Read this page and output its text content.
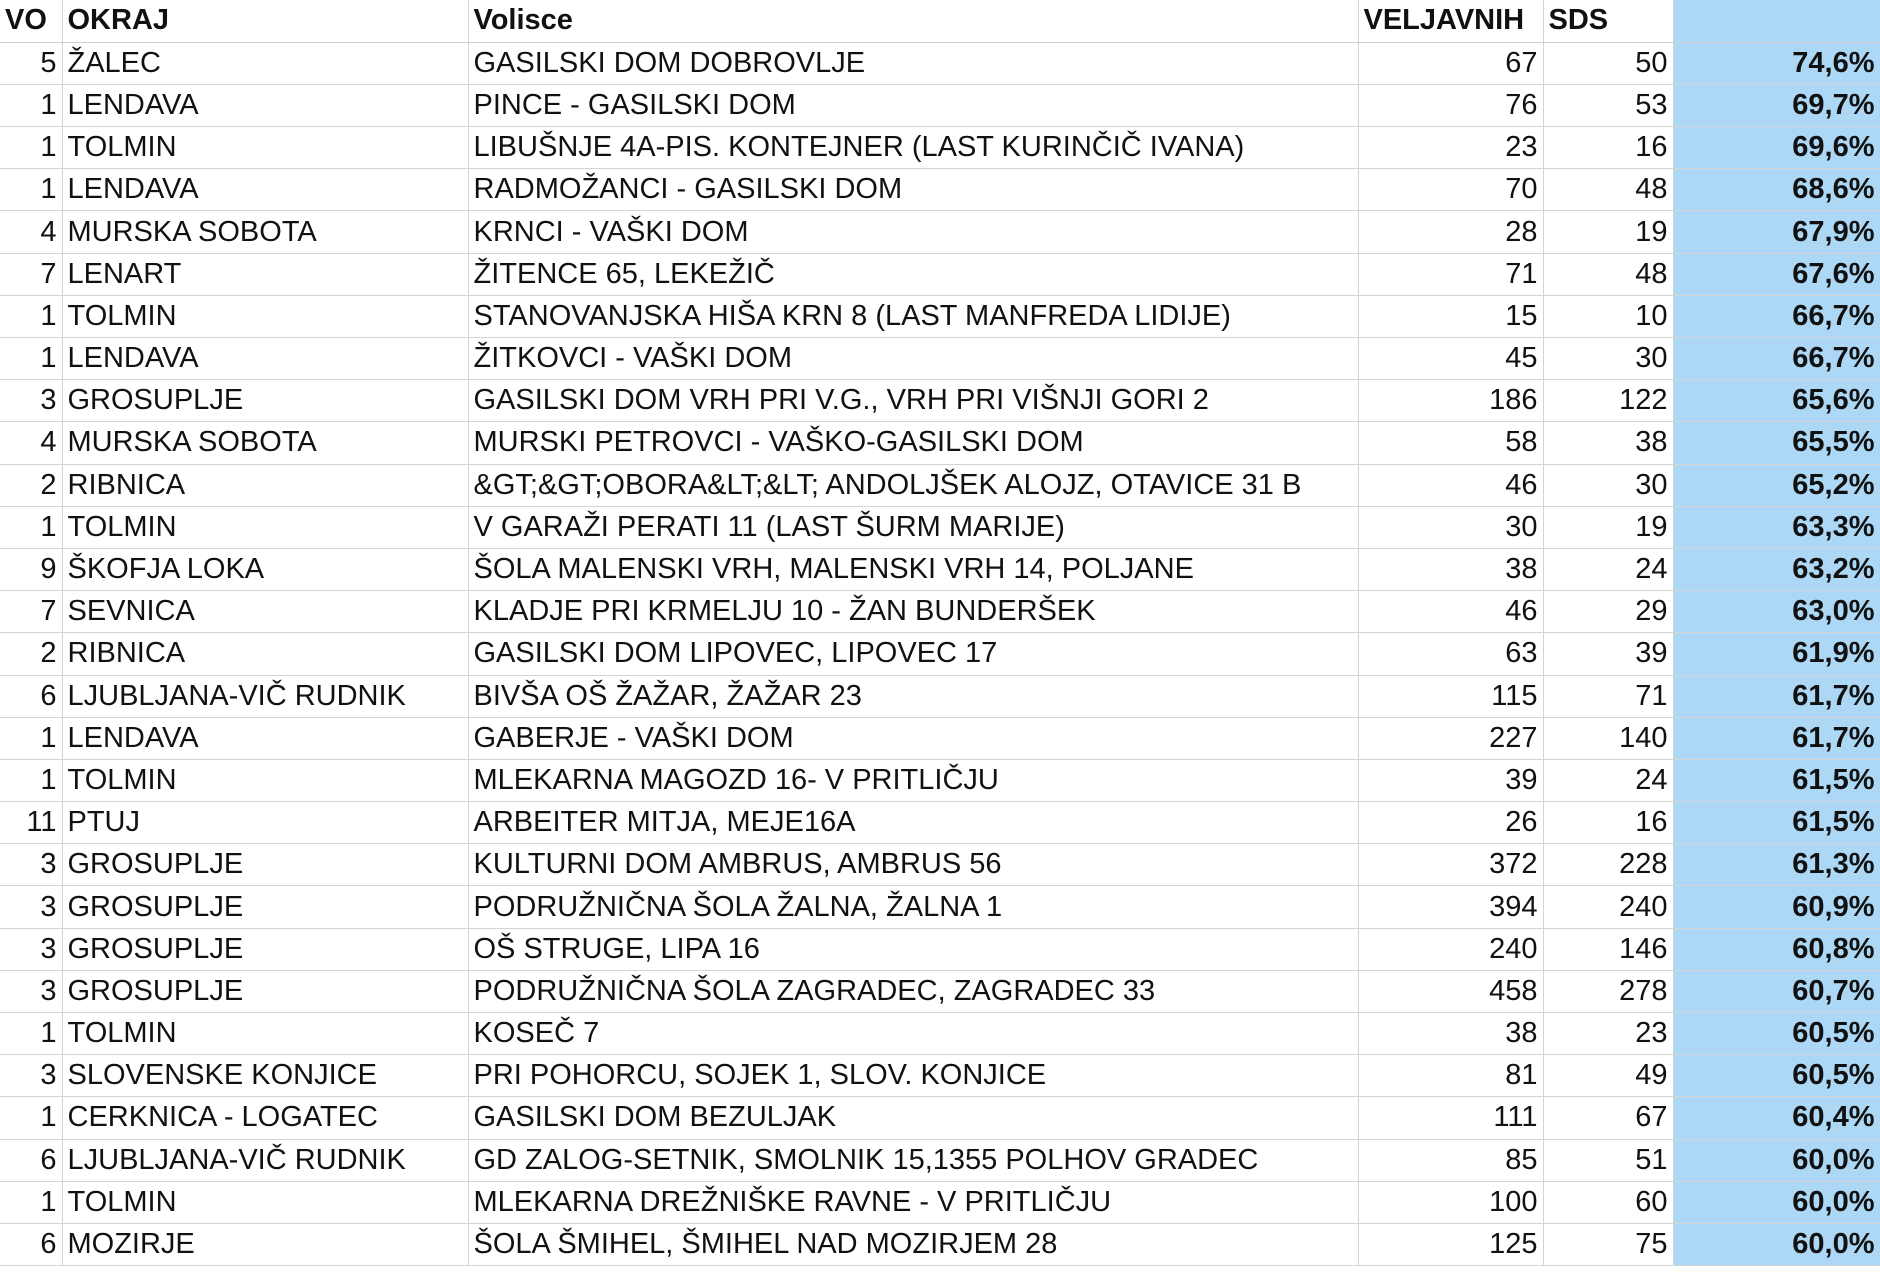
VO	OKRAJ	Volisce	VELJAVNIH	SDS	
5	ŽALEC	GASILSKI DOM DOBROVLJE	67	50	74,6%
1	LENDAVA	PINCE - GASILSKI DOM	76	53	69,7%
1	TOLMIN	LIBUŠNJE 4A-PIS. KONTEJNER (LAST KURINČIČ IVANA)	23	16	69,6%
1	LENDAVA	RADMOŽANCI - GASILSKI DOM	70	48	68,6%
4	MURSKA SOBOTA	KRNCI - VAŠKI DOM	28	19	67,9%
7	LENART	ŽITENCE 65, LEKEŽIČ	71	48	67,6%
1	TOLMIN	STANOVANJSKA HIŠA KRN 8 (LAST MANFREDA LIDIJE)	15	10	66,7%
1	LENDAVA	ŽITKOVCI - VAŠKI DOM	45	30	66,7%
3	GROSUPLJE	GASILSKI DOM VRH PRI V.G., VRH PRI VIŠNJI GORI 2	186	122	65,6%
4	MURSKA SOBOTA	MURSKI PETROVCI - VAŠKO-GASILSKI DOM	58	38	65,5%
2	RIBNICA	&GT;&GT;OBORA&LT;&LT; ANDOLJŠEK ALOJZ, OTAVICE 31 B	46	30	65,2%
1	TOLMIN	V GARAŽI PERATI 11 (LAST ŠURM MARIJE)	30	19	63,3%
9	ŠKOFJA LOKA	ŠOLA MALENSKI VRH, MALENSKI VRH 14, POLJANE	38	24	63,2%
7	SEVNICA	KLADJE PRI KRMELJU 10 - ŽAN BUNDERŠEK	46	29	63,0%
2	RIBNICA	GASILSKI DOM LIPOVEC, LIPOVEC 17	63	39	61,9%
6	LJUBLJANA-VIČ RUDNIK	BIVŠA OŠ ŽAŽAR, ŽAŽAR 23	115	71	61,7%
1	LENDAVA	GABERJE - VAŠKI DOM	227	140	61,7%
1	TOLMIN	MLEKARNA MAGOZD 16- V PRITLIČJU	39	24	61,5%
11	PTUJ	ARBEITER MITJA, MEJE16A	26	16	61,5%
3	GROSUPLJE	KULTURNI DOM AMBRUS, AMBRUS 56	372	228	61,3%
3	GROSUPLJE	PODRUŽNIČNA ŠOLA ŽALNA, ŽALNA 1	394	240	60,9%
3	GROSUPLJE	OŠ STRUGE, LIPA 16	240	146	60,8%
3	GROSUPLJE	PODRUŽNIČNA ŠOLA ZAGRADEC, ZAGRADEC 33	458	278	60,7%
1	TOLMIN	KOSEČ 7	38	23	60,5%
3	SLOVENSKE KONJICE	PRI POHORCU, SOJEK 1, SLOV. KONJICE	81	49	60,5%
1	CERKNICA - LOGATEC	GASILSKI DOM BEZULJAK	111	67	60,4%
6	LJUBLJANA-VIČ RUDNIK	GD ZALOG-SETNIK, SMOLNIK 15,1355 POLHOV GRADEC	85	51	60,0%
1	TOLMIN	MLEKARNA DREŽNIŠKE RAVNE - V PRITLIČJU	100	60	60,0%
6	MOZIRJE	ŠOLA ŠMIHEL, ŠMIHEL NAD MOZIRJEM 28	125	75	60,0%
